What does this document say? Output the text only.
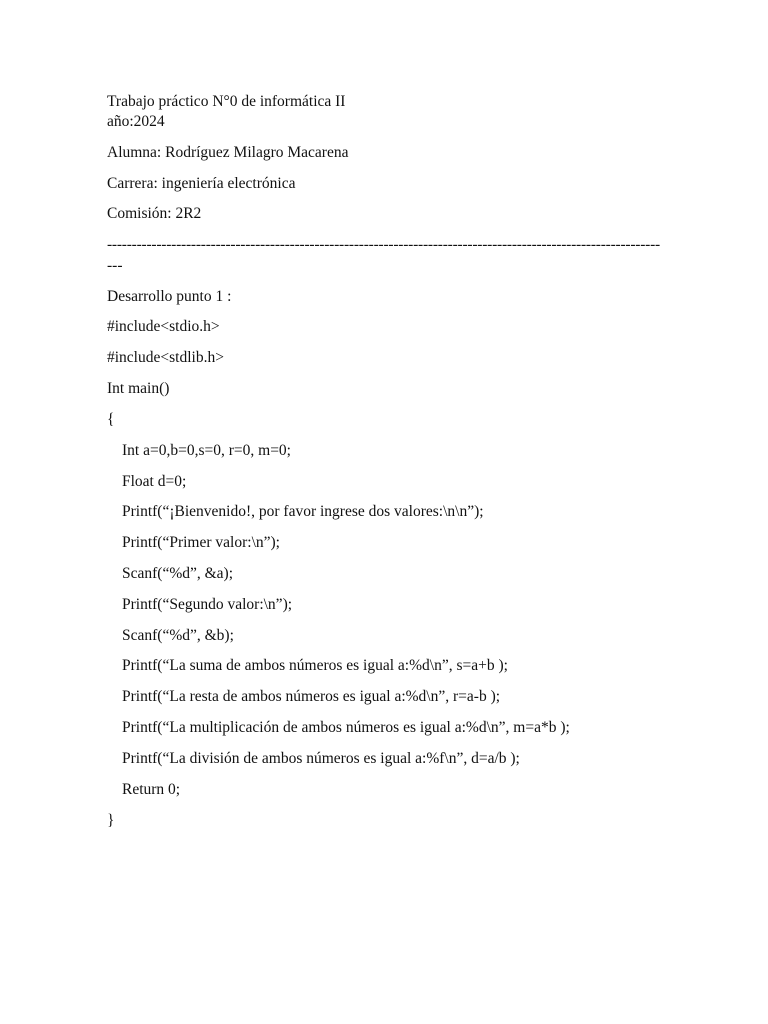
Trabajo práctico N°0 de informática II
año:2024
Alumna: Rodríguez Milagro Macarena
Carrera: ingeniería electrónica
Comisión: 2R2
----------------------------------------------------------------------------------------------------------------
---
Desarrollo punto 1 :
#include<stdio.h>
#include<stdlib.h>
Int main()
{
Int a=0,b=0,s=0, r=0, m=0;
Float d=0;
Printf(“¡Bienvenido!, por favor ingrese dos valores:\n\n”);
Printf(“Primer valor:\n”);
Scanf(“%d”, &a);
Printf(“Segundo valor:\n”);
Scanf(“%d”, &b);
Printf(“La suma de ambos números es igual a:%d\n”, s=a+b );
Printf(“La resta de ambos números es igual a:%d\n”, r=a-b );
Printf(“La multiplicación de ambos números es igual a:%d\n”, m=a*b );
Printf(“La división de ambos números es igual a:%f\n”, d=a/b );
Return 0;
}
